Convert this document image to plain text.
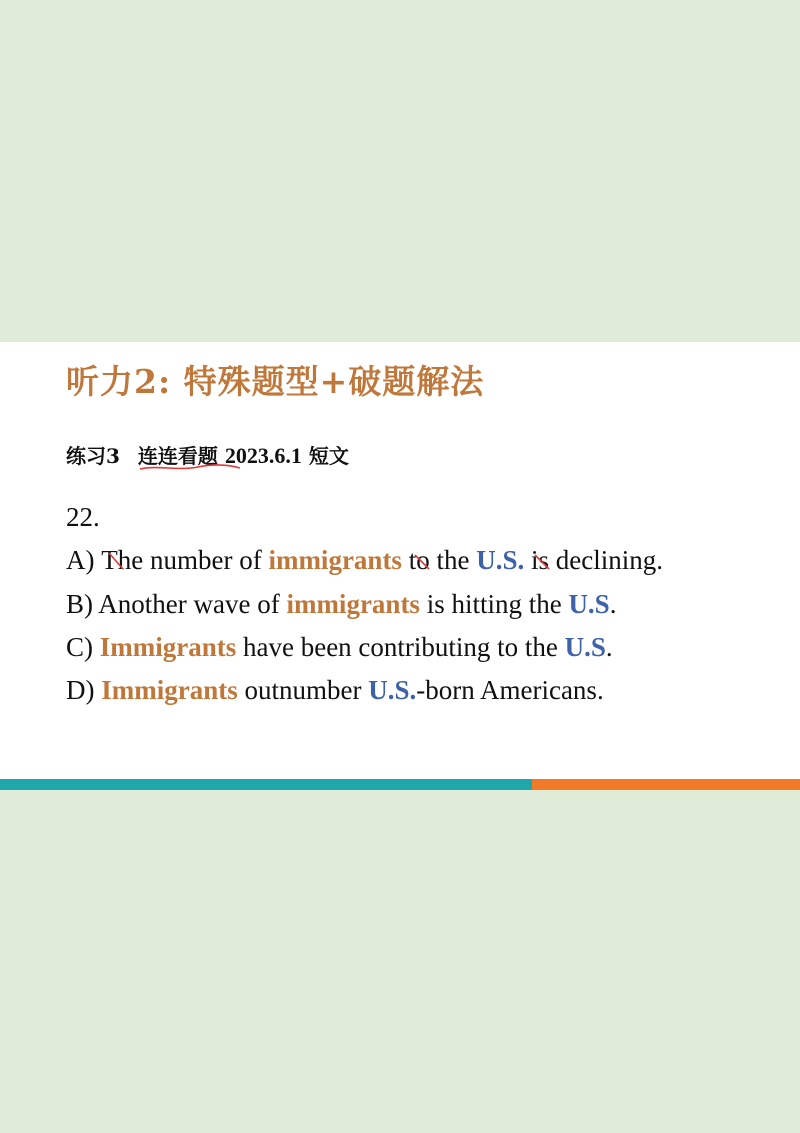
听力2: 特殊题型+破题解法
练习3 连连看题 2023.6.1 短文
22.
A) The
number of immigrants to
the U.S. is
declining.
B) Another wave of immigrants is hitting the U.S.
C) Immigrants have been contributing to the U.S.
D) Immigrants outnumber U.S.-born Americans.
